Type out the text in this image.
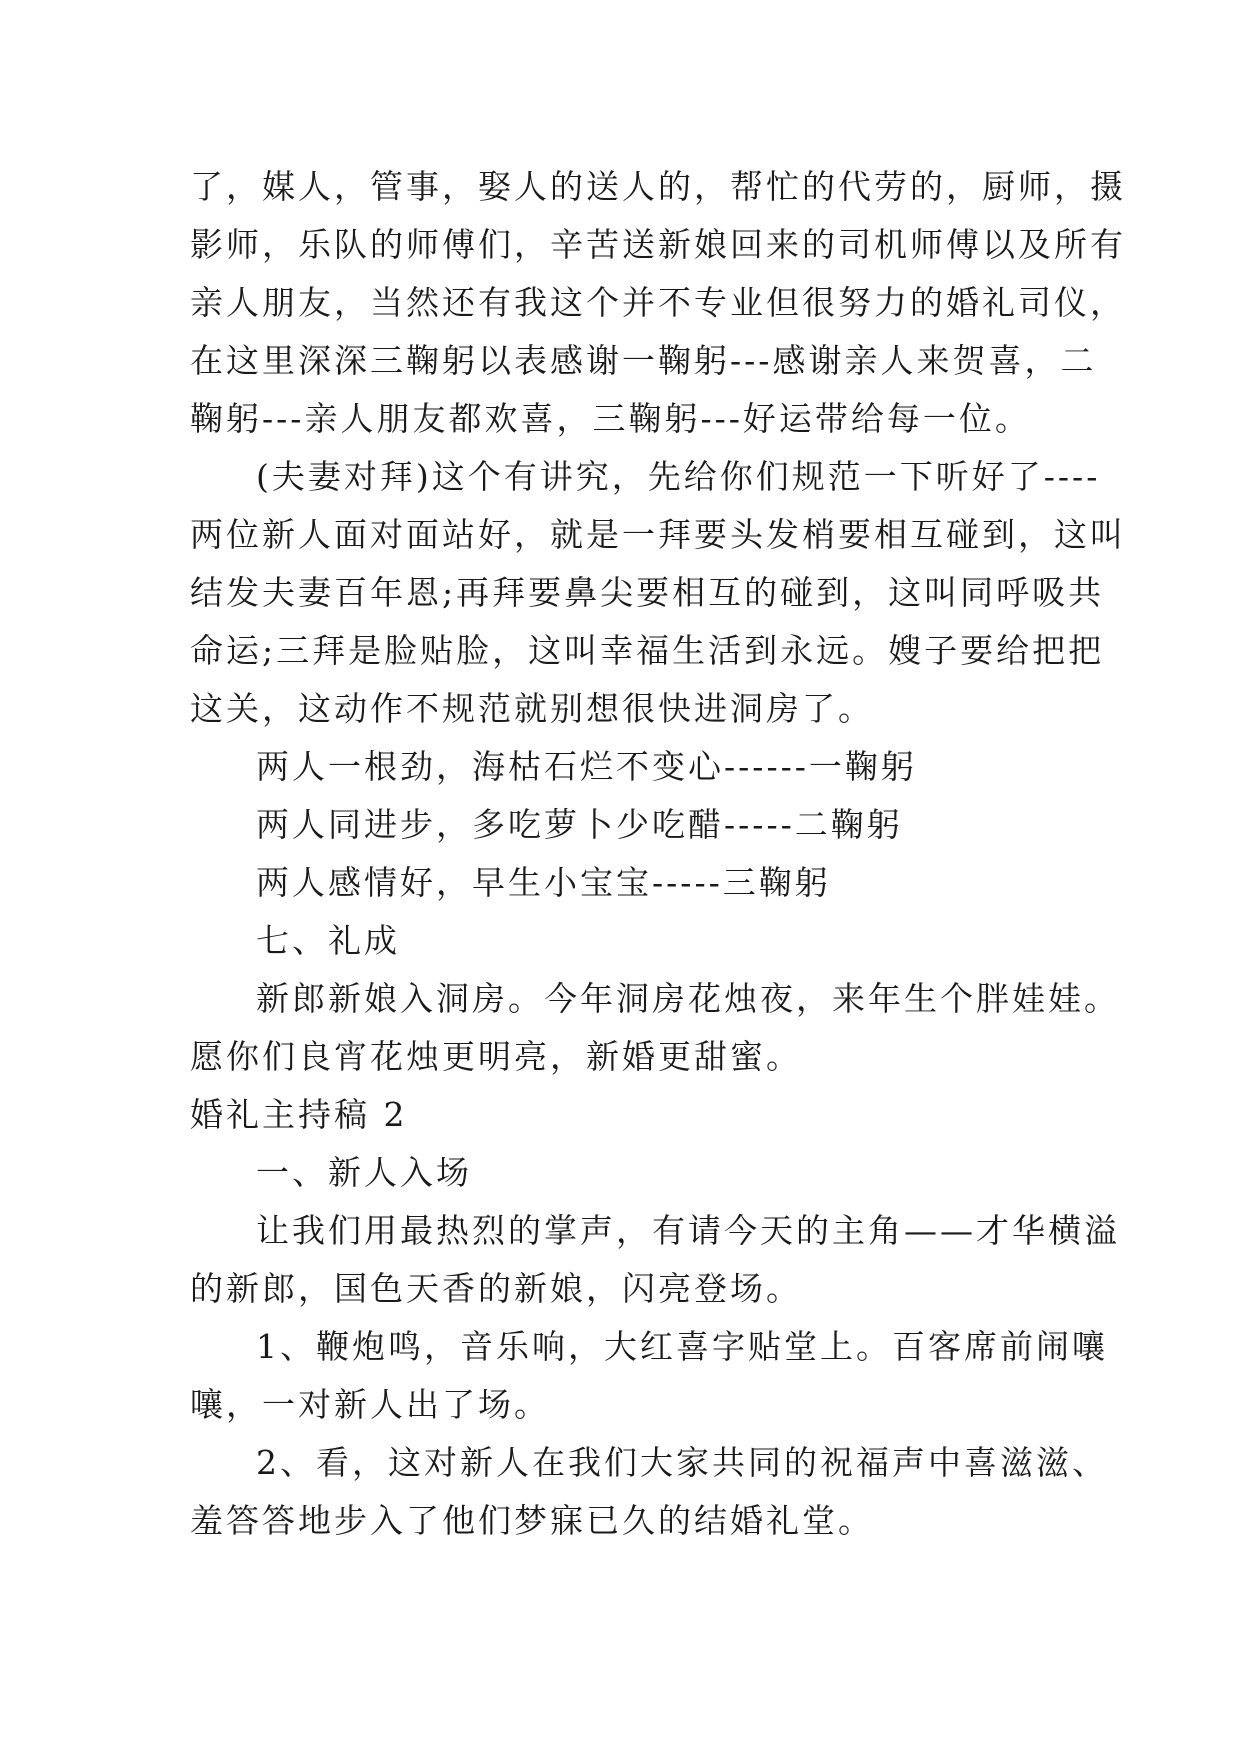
了，媒人，管事，娶人的送人的，帮忙的代劳的，厨师，摄
影师，乐队的师傅们，辛苦送新娘回来的司机师傅以及所有
亲人朋友，当然还有我这个并不专业但很努力的婚礼司仪，
在这里深深三鞠躬以表感谢一鞠躬---感谢亲人来贺喜，二
鞠躬---亲人朋友都欢喜，三鞠躬---好运带给每一位。
(夫妻对拜)这个有讲究，先给你们规范一下听好了----
两位新人面对面站好，就是一拜要头发梢要相互碰到，这叫
结发夫妻百年恩;再拜要鼻尖要相互的碰到，这叫同呼吸共
命运;三拜是脸贴脸，这叫幸福生活到永远。嫂子要给把把
这关，这动作不规范就别想很快进洞房了。
两人一根劲，海枯石烂不变心------一鞠躬
两人同进步，多吃萝卜少吃醋-----二鞠躬
两人感情好，早生小宝宝-----三鞠躬
七、礼成
新郎新娘入洞房。今年洞房花烛夜，来年生个胖娃娃。
愿你们良宵花烛更明亮，新婚更甜蜜。
婚礼主持稿 2
一、新人入场
让我们用最热烈的掌声，有请今天的主角——才华横溢
的新郎，国色天香的新娘，闪亮登场。
1、鞭炮鸣，音乐响，大红喜字贴堂上。百客席前闹嚷
嚷，一对新人出了场。
2、看，这对新人在我们大家共同的祝福声中喜滋滋、
羞答答地步入了他们梦寐已久的结婚礼堂。
